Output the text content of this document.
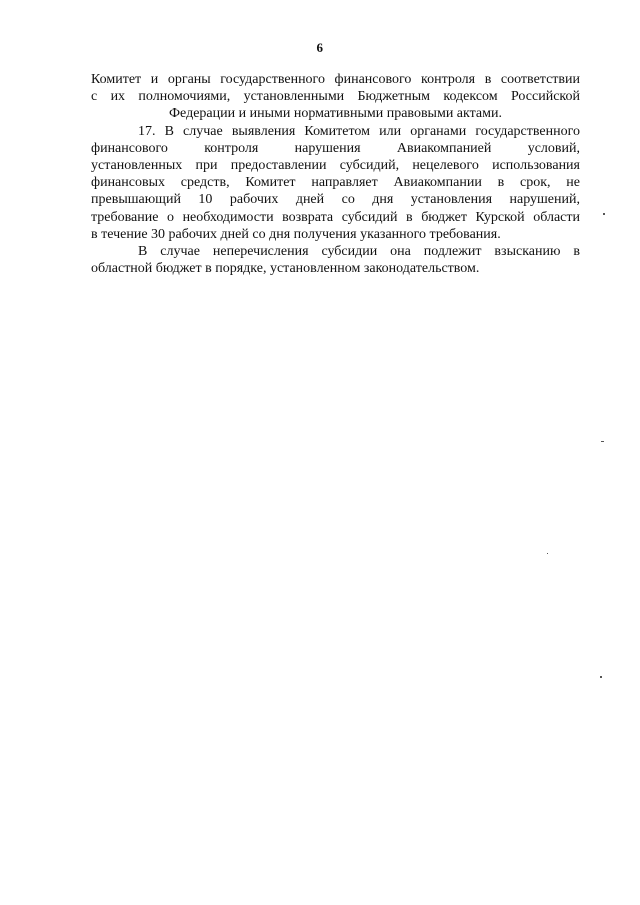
6

Комитет и органы государственного финансового контроля в соответствии
с их полномочиями, установленными Бюджетным кодексом Российской
Федерации и иными нормативными правовыми актами.

17. В случае выявления Комитетом или органами государственного
финансового контроля нарушения Авиакомпанией условий,
установленных при предоставлении субсидий, нецелевого использования
финансовых средств, Комитет направляет Авиакомпании в срок, не
превышающий 10 рабочих дней со дня установления нарушений,
требование о необходимости возврата субсидий в бюджет Курской области
в течение 30 рабочих дней со дня получения указанного требования.

В случае неперечисления субсидии она подлежит взысканию в
областной бюджет в порядке, установленном законодательством.
